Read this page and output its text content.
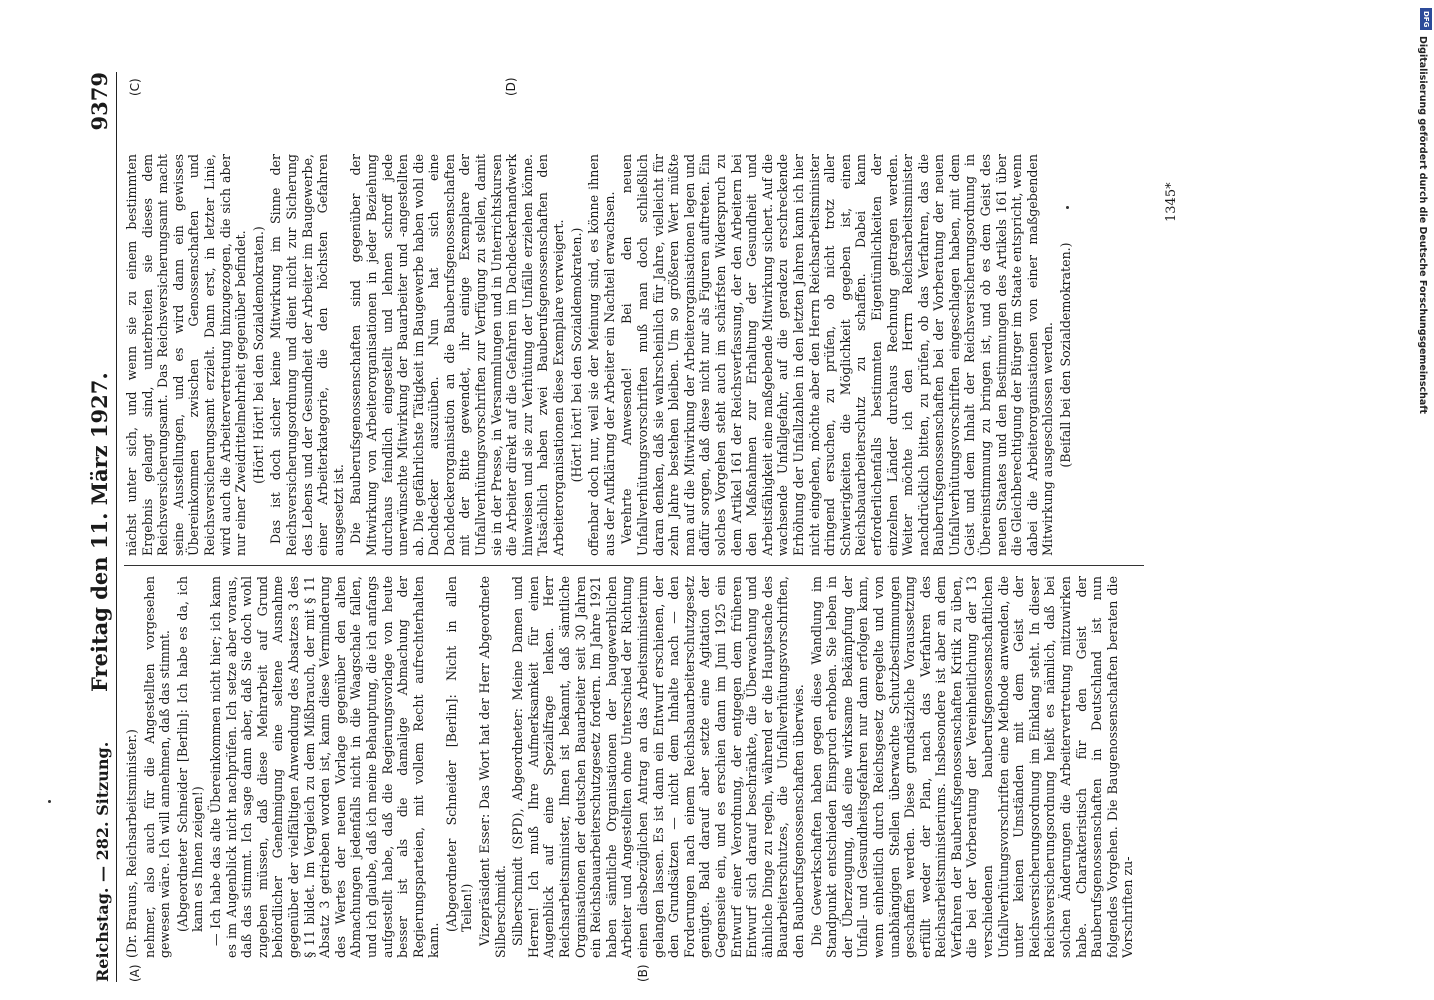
Reichstag. — 282. Sitzung.
Freitag den 11. März 1927.
9379
(A)	(B)
(C)	(D)

(Dr. Brauns, Reichsarbeitsminister.) nehmer, also auch für die Angestellten vorgesehen gewesen wäre. Ich will annehmen, daß das stimmt. (Abgeordneter Schneider [Berlin]: Ich habe es da, ich kann es Ihnen zeigen!) — Ich habe das alte Übereinkommen nicht hier; ich kann es im Augenblick nicht nachprüfen. Ich setze aber voraus, daß das stimmt. Ich sage dann aber, daß Sie doch wohl zugeben müssen, daß diese Mehrarbeit auf Grund behördlicher Genehmigung eine seltene Ausnahme gegenüber der vielfältigen Anwendung des Absatzes 3 des § 11 bildet. Im Vergleich zu dem Mißbrauch, der mit § 11 Absatz 3 getrieben worden ist, kann diese Verminderung des Wertes der neuen Vorlage gegenüber den alten Abmachungen jedenfalls nicht in die Waagschale fallen, und ich glaube, daß ich meine Behauptung, die ich anfangs aufgestellt habe, daß die Regierungsvorlage von heute besser ist als die damalige Abmachung der Regierungsparteien, mit vollem Recht aufrechterhalten kann.

(Abgeordneter Schneider [Berlin]: Nicht in allen Teilen!) Vizepräsident Esser: Das Wort hat der Herr Abgeordnete Silberschmidt. Silberschmidt (SPD), Abgeordneter: Meine Damen und Herren! Ich muß Ihre Aufmerksamkeit für einen Augenblick auf eine Spezialfrage lenken. Herr Reichsarbeitsminister, Ihnen ist bekannt, daß sämtliche Organisationen der deutschen Bauarbeiter seit 30 Jahren ein Reichsbauarbeiterschutzgesetz fordern. Im Jahre 1921 haben sämtliche Organisationen der baugewerblichen Arbeiter und Angestellten ohne Unterschied der Richtung einen diesbezüglichen Antrag an das Arbeitsministerium gelangen lassen. Es ist dann ein Entwurf erschienen, der den Grundsätzen — nicht dem Inhalte nach — den Forderungen nach einem Reichsbauarbeiterschutzgesetz genügte. Bald darauf aber setzte eine Agitation der Gegenseite ein, und es erschien dann im Juni 1925 ein Entwurf einer Verordnung, der entgegen dem früheren Entwurf sich darauf beschränkte, die Überwachung und ähnliche Dinge zu regeln, während er die Hauptsache des Bauarbeiterschutzes, die Unfallverhütungsvorschriften, den Bauberufsgenossenschaften überwies. Die Gewerkschaften haben gegen diese Wandlung im Standpunkt entschieden Einspruch erhoben. Sie leben in der Überzeugung, daß eine wirksame Bekämpfung der Unfall- und Gesundheitsgefahren nur dann erfolgen kann, wenn einheitlich durch Reichsgesetz geregelte und von unabhängigen Stellen überwachte Schutzbestimmungen geschaffen werden. Diese grundsätzliche Voraussetzung erfüllt weder der Plan, nach das Verfahren des Reichsarbeitsministeriums. Insbesondere ist aber an dem Verfahren der Bauberufsgenossenschaften Kritik zu üben, die bei der Vorberatung der Vereinheitlichung der 13 verschiedenen bauberufsgenossenschaftlichen Unfallverhütungsvorschriften eine Methode anwenden, die unter keinen Umständen mit dem Geist der Reichsversicherungsordnung im Einklang steht. In dieser Reichsversicherungsordnung heißt es nämlich, daß bei solchen Änderungen die Arbeitervertretung mitzuwirken habe. Charakteristisch für den Geist der Bauberufsgenossenschaften in Deutschland ist nun folgendes Vorgehen. Die Baugenossenschaften beraten die Vorschriften zu-

nächst unter sich, und wenn sie zu einem bestimmten Ergebnis gelangt sind, unterbreiten sie dieses dem Reichsversicherungsamt. Das Reichsversicherungsamt macht seine Ausstellungen, und es wird dann ein gewisses Übereinkommen zwischen Genossenschaften und Reichsversicherungsamt erzielt. Dann erst, in letzter Linie, wird auch die Arbeitervertretung hinzugezogen, die sich aber nur einer Zweidrittelmehrheit gegenüber befindet. (Hört! Hört! bei den Sozialdemokraten.) Das ist doch sicher keine Mitwirkung im Sinne der Reichsversicherungsordnung und dient nicht zur Sicherung des Lebens und der Gesundheit der Arbeiter im Baugewerbe, einer Arbeiterkategorie, die den höchsten Gefahren ausgesetzt ist. Die Bauberufsgenossenschaften sind gegenüber der Mitwirkung von Arbeiterorganisationen in jeder Beziehung durchaus feindlich eingestellt und lehnen schroff jede unerwünschte Mitwirkung der Bauarbeiter und -angestellten ab. Die gefährlichste Tätigkeit im Baugewerbe haben wohl die Dachdecker auszuüben. Nun hat sich eine Dachdeckerorganisation an die Bauberufsgenossenschaften mit der Bitte gewendet, ihr einige Exemplare der Unfallverhütungsvorschriften zur Verfügung zu stellen, damit sie in der Presse, in Versammlungen und in Unterrichtskursen die Arbeiter direkt auf die Gefahren im Dachdeckerhandwerk hinweisen und sie zur Verhütung der Unfälle erziehen könne. Tatsächlich haben zwei Bauberufsgenossenschaften den Arbeiterorganisationen diese Exemplare verweigert. (Hört! hört! bei den Sozialdemokraten.) offenbar doch nur, weil sie der Meinung sind, es könne ihnen aus der Aufklärung der Arbeiter ein Nachteil erwachsen. Verehrte Anwesende! Bei den neuen Unfallverhütungsvorschriften muß man doch schließlich daran denken, daß sie wahrscheinlich für Jahre, vielleicht für zehn Jahre bestehen bleiben. Um so größeren Wert müßte man auf die Mitwirkung der Arbeiterorganisationen legen und dafür sorgen, daß diese nicht nur als Figuren auftreten. Ein solches Vorgehen steht auch im schärfsten Widerspruch zu dem Artikel 161 der Reichsverfassung, der den Arbeitern bei den Maßnahmen zur Erhaltung der Gesundheit und Arbeitsfähigkeit eine maßgebende Mitwirkung sichert. Auf die wachsende Unfallgefahr, auf die geradezu erschreckende Erhöhung der Unfallzahlen in den letzten Jahren kann ich hier nicht eingehen, möchte aber den Herrn Reichsarbeitsminister dringend ersuchen, zu prüfen, ob nicht trotz aller Schwierigkeiten die Möglichkeit gegeben ist, einen Reichsbauarbeiterschutz zu schaffen. Dabei kann erforderlichenfalls bestimmten Eigentümlichkeiten der einzelnen Länder durchaus Rechnung getragen werden. Weiter möchte ich den Herrn Reichsarbeitsminister nachdrücklich bitten, zu prüfen, ob das Verfahren, das die Bauberufsgenossenschaften bei der Vorberatung der neuen Unfallverhütungsvorschriften eingeschlagen haben, mit dem Geist und dem Inhalt der Reichsversicherungsordnung in Übereinstimmung zu bringen ist, und ob es dem Geist des neuen Staates und den Bestimmungen des Artikels 161 über die Gleichberechtigung der Bürger im Staate entspricht, wenn dabei die Arbeiterorganisationen von einer maßgebenden Mitwirkung ausgeschlossen werden. (Beifall bei den Sozialdemokraten.)

1345*
DFG
Digitalisierung gefördert durch die Deutsche Forschungsgemeinschaft
